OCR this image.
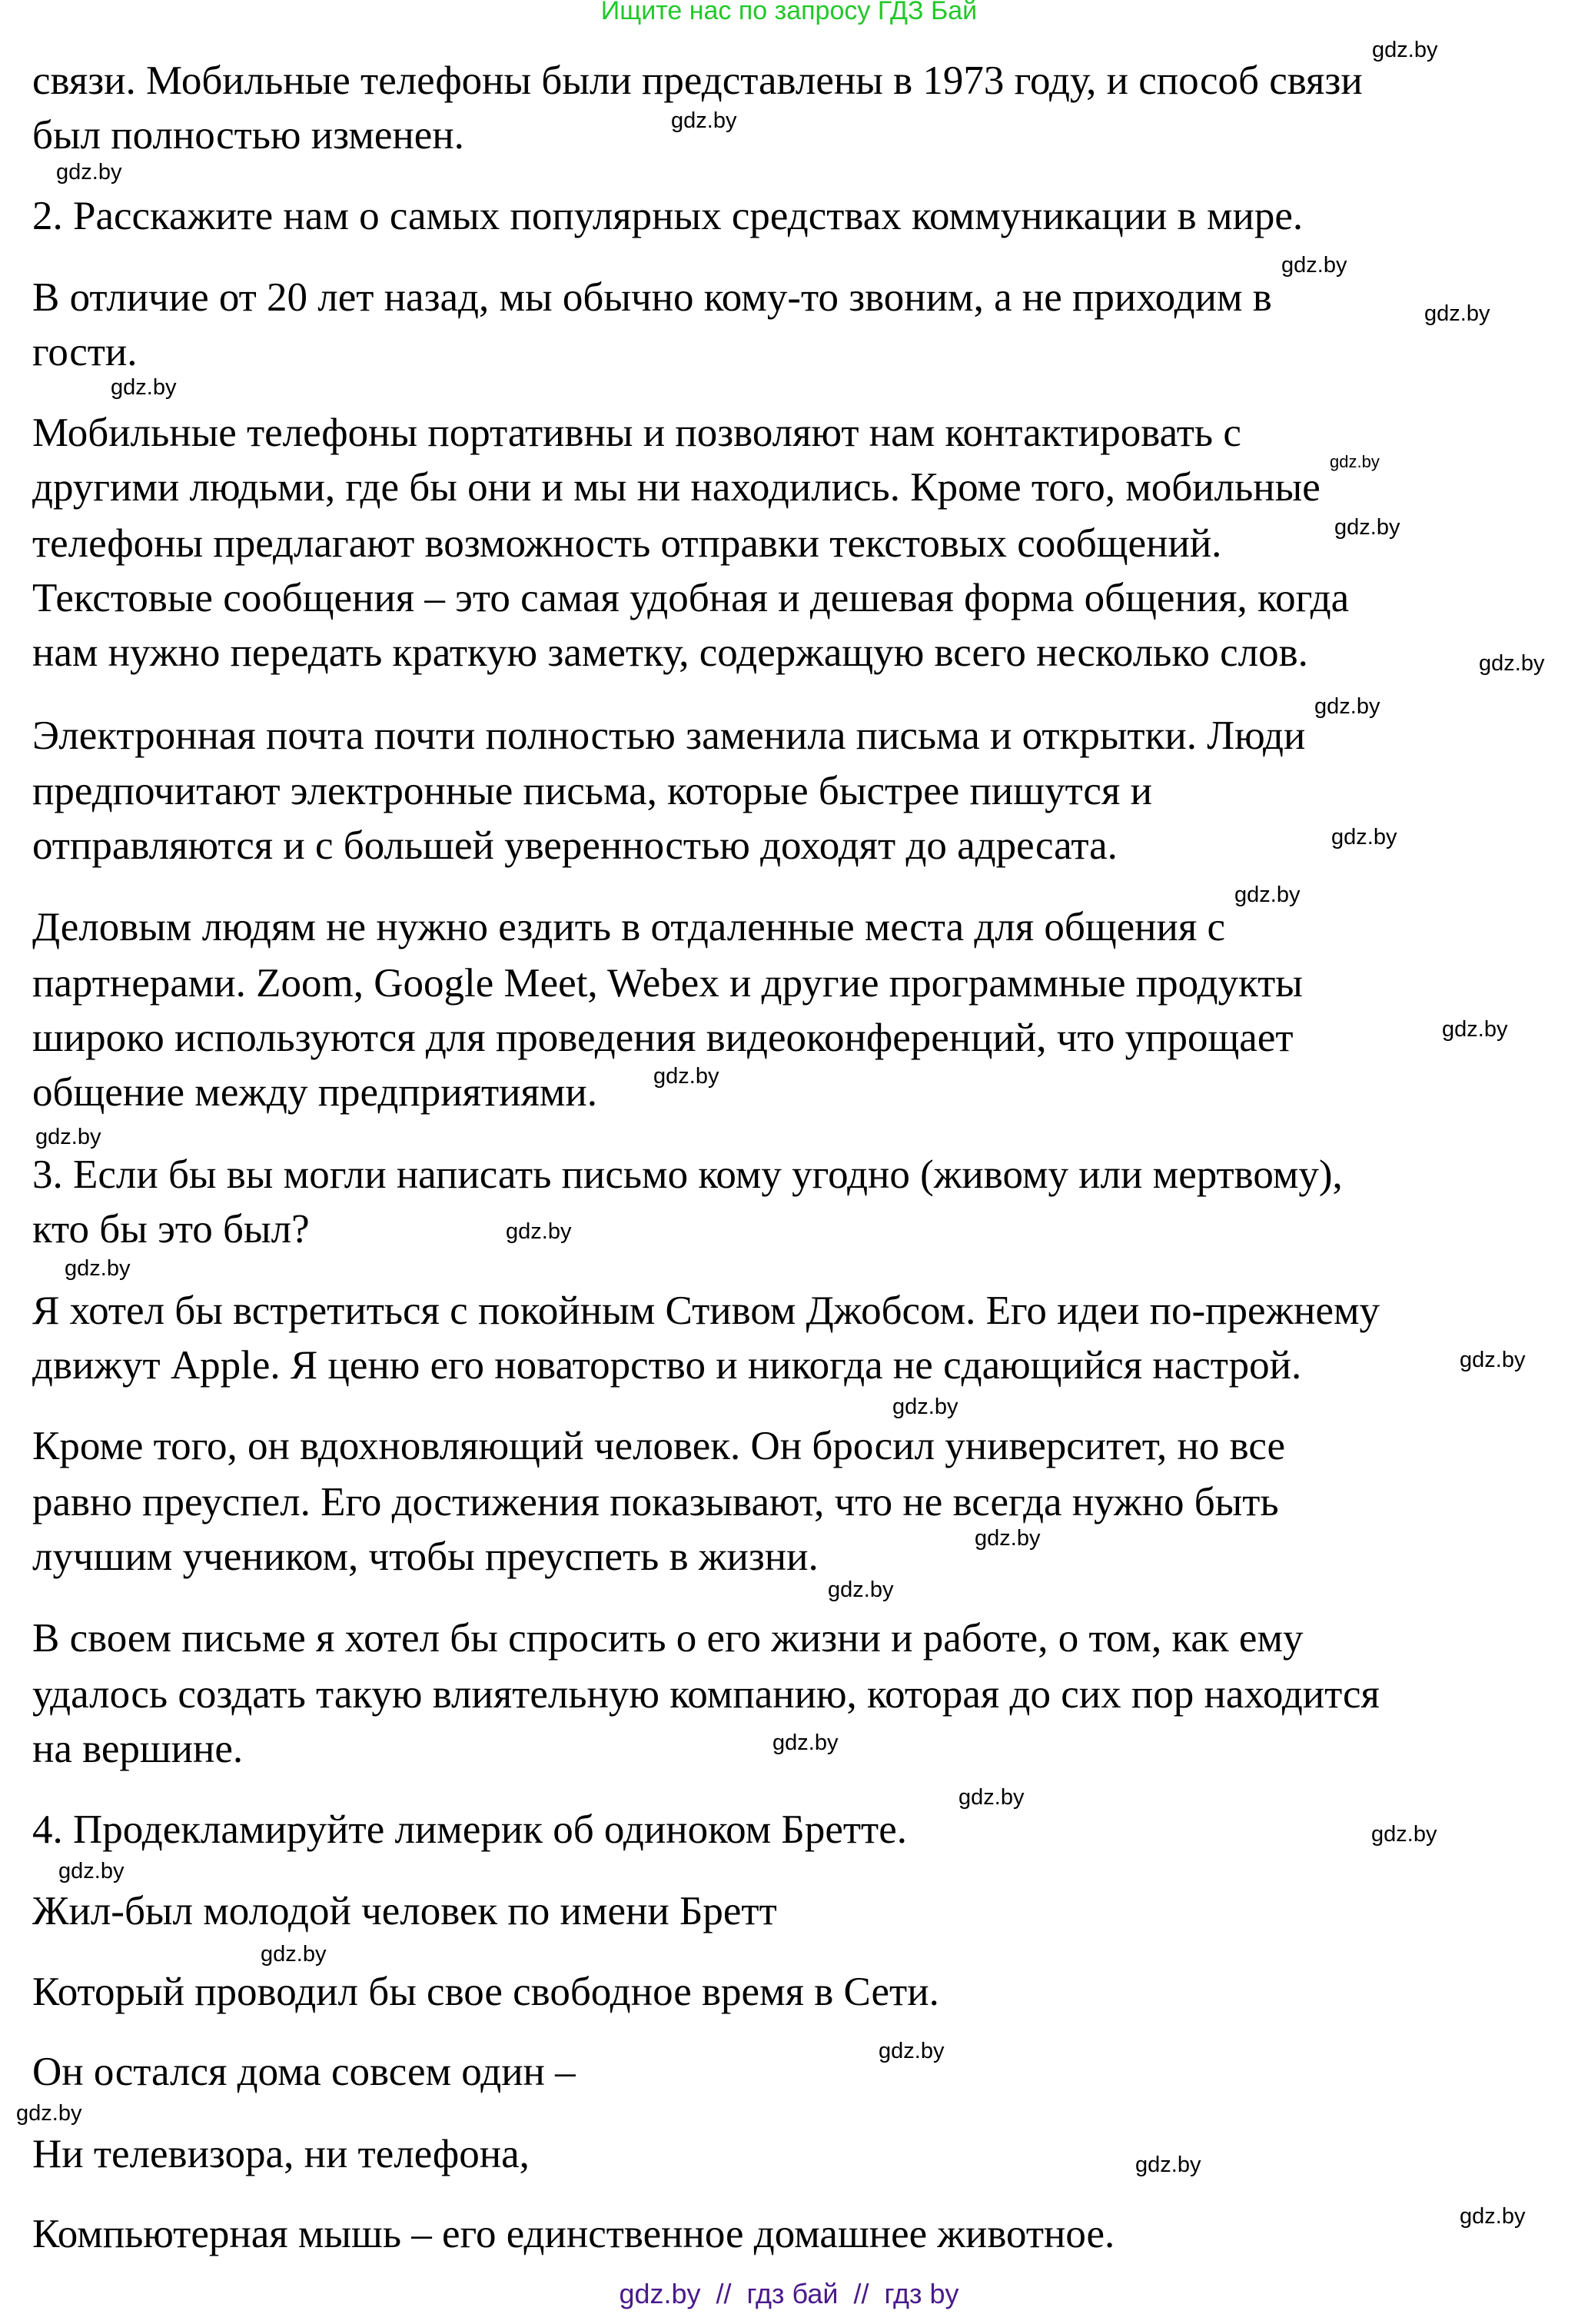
Ищите нас по запросу ГДЗ Бай
связи. Мобильные телефоны были представлены в 1973 году, и способ связи
был полностью изменен.
2. Расскажите нам о самых популярных средствах коммуникации в мире.
В отличие от 20 лет назад, мы обычно кому-то звоним, а не приходим в
гости.
Мобильные телефоны портативны и позволяют нам контактировать с
другими людьми, где бы они и мы ни находились. Кроме того, мобильные
телефоны предлагают возможность отправки текстовых сообщений.
Текстовые сообщения – это самая удобная и дешевая форма общения, когда
нам нужно передать краткую заметку, содержащую всего несколько слов.
Электронная почта почти полностью заменила письма и открытки. Люди
предпочитают электронные письма, которые быстрее пишутся и
отправляются и с большей уверенностью доходят до адресата.
Деловым людям не нужно ездить в отдаленные места для общения с
партнерами. Zoom, Google Meet, Webex и другие программные продукты
широко используются для проведения видеоконференций, что упрощает
общение между предприятиями.
3. Если бы вы могли написать письмо кому угодно (живому или мертвому),
кто бы это был?
Я хотел бы встретиться с покойным Стивом Джобсом. Его идеи по-прежнему
движут Apple. Я ценю его новаторство и никогда не сдающийся настрой.
Кроме того, он вдохновляющий человек. Он бросил университет, но все
равно преуспел. Его достижения показывают, что не всегда нужно быть
лучшим учеником, чтобы преуспеть в жизни.
В своем письме я хотел бы спросить о его жизни и работе, о том, как ему
удалось создать такую влиятельную компанию, которая до сих пор находится
на вершине.
4. Продекламируйте лимерик об одиноком Бретте.
Жил-был молодой человек по имени Бретт
Который проводил бы свое свободное время в Сети.
Он остался дома совсем один –
Ни телевизора, ни телефона,
Компьютерная мышь – его единственное домашнее животное.
gdz.by
gdz.by
gdz.by
gdz.by
gdz.by
gdz.by
gdz.by
gdz.by
gdz.by
gdz.by
gdz.by
gdz.by
gdz.by
gdz.by
gdz.by
gdz.by
gdz.by
gdz.by
gdz.by
gdz.by
gdz.by
gdz.by
gdz.by
gdz.by
gdz.by
gdz.by
gdz.by
gdz.by
gdz.by
gdz.by
gdz.by  //  гдз бай  //  гдз by
